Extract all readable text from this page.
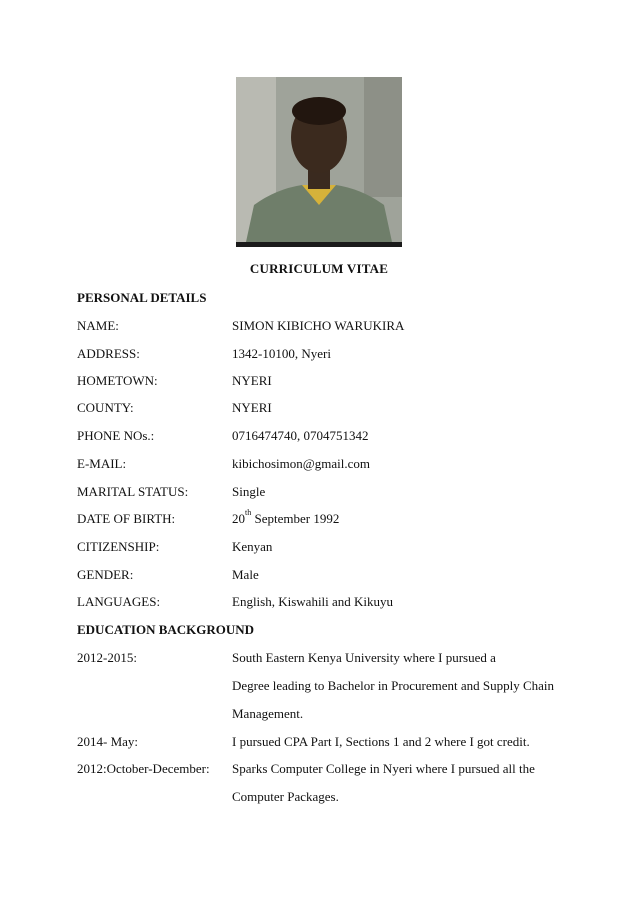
CURRICULUM VITAE
PERSONAL DETAILS
NAME:	SIMON KIBICHO WARUKIRA
ADDRESS:	1342-10100, Nyeri
HOMETOWN:	NYERI
COUNTY:	NYERI
PHONE NOs.:	0716474740, 0704751342
E-MAIL:	kibichosimon@gmail.com
MARITAL STATUS:	Single
DATE OF BIRTH:	20th September 1992
CITIZENSHIP:	Kenyan
GENDER:	Male
LANGUAGES:	English, Kiswahili and Kikuyu
EDUCATION BACKGROUND
2012-2015:	South Eastern Kenya University where I pursued a
Degree leading to Bachelor in Procurement and Supply Chain
Management.
2014- May:	I pursued CPA Part I, Sections 1 and 2 where I got credit.
2012:October-December: Sparks Computer College in Nyeri where I pursued all the
Computer Packages.
